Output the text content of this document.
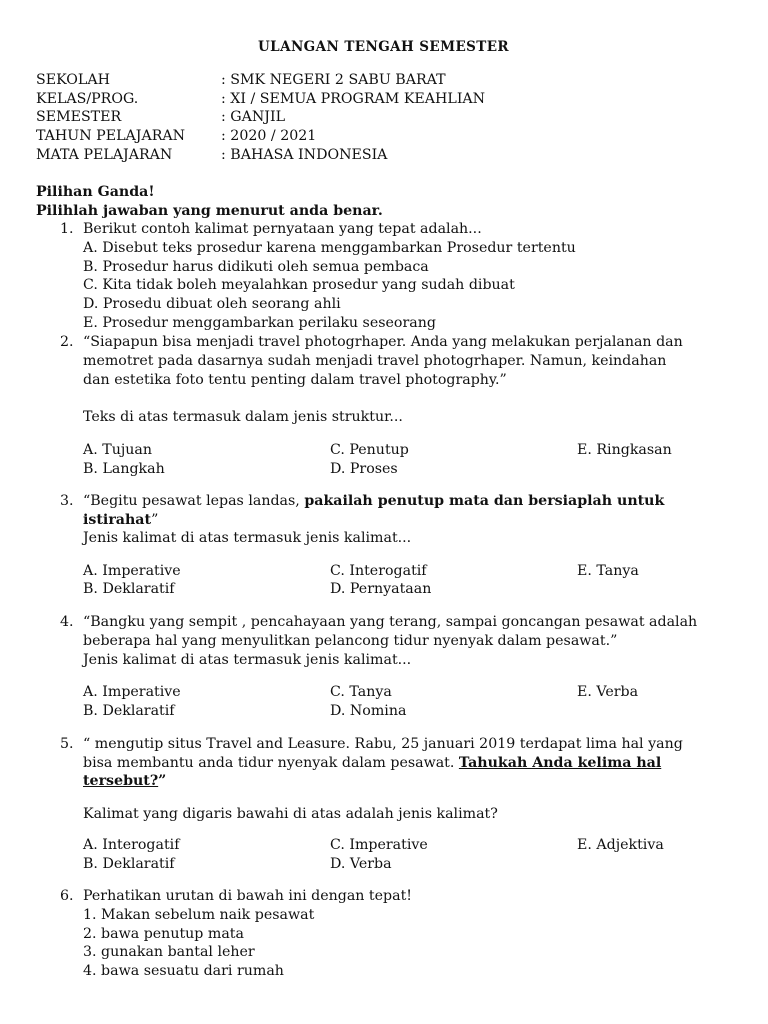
ULANGAN TENGAH SEMESTER
SEKOLAH	: SMK NEGERI 2 SABU BARAT
KELAS/PROG.	: XI / SEMUA PROGRAM KEAHLIAN
SEMESTER	: GANJIL
TAHUN PELAJARAN	: 2020 / 2021
MATA PELAJARAN	: BAHASA INDONESIA
Pilihan Ganda!
Pilihlah jawaban yang menurut anda benar.
1. Berikut contoh kalimat pernyataan yang tepat adalah...
A. Disebut teks prosedur karena menggambarkan Prosedur tertentu
B. Prosedur harus didikuti oleh semua pembaca
C. Kita tidak boleh meyalahkan prosedur yang sudah dibuat
D. Prosedu dibuat oleh seorang ahli
E. Prosedur menggambarkan perilaku seseorang
2. “Siapapun bisa menjadi travel photogrhaper. Anda yang melakukan perjalanan dan
memotret pada dasarnya sudah menjadi travel photogrhaper. Namun, keindahan
dan estetika foto tentu penting dalam travel photography.”
Teks di atas termasuk dalam jenis struktur...
A. Tujuan
B. Langkah
C. Penutup
D. Proses
E. Ringkasan
3. “Begitu pesawat lepas landas, pakailah penutup mata dan bersiaplah untuk
istirahat”
Jenis kalimat di atas termasuk jenis kalimat...
A. Imperative
B. Deklaratif
C. Interogatif
D. Pernyataan
E. Tanya
4. “Bangku yang sempit , pencahayaan yang terang, sampai goncangan pesawat adalah
beberapa hal yang menyulitkan pelancong tidur nyenyak dalam pesawat.”
Jenis kalimat di atas termasuk jenis kalimat...
A. Imperative
B. Deklaratif
C. Tanya
D. Nomina
E. Verba
5. “ mengutip situs Travel and Leasure. Rabu, 25 januari 2019 terdapat lima hal yang
bisa membantu anda tidur nyenyak dalam pesawat. Tahukah Anda kelima hal
tersebut?”
Kalimat yang digaris bawahi di atas adalah jenis kalimat?
A. Interogatif
B. Deklaratif
C. Imperative
D. Verba
E. Adjektiva
6. Perhatikan urutan di bawah ini dengan tepat!
1. Makan sebelum naik pesawat
2. bawa penutup mata
3. gunakan bantal leher
4. bawa sesuatu dari rumah
